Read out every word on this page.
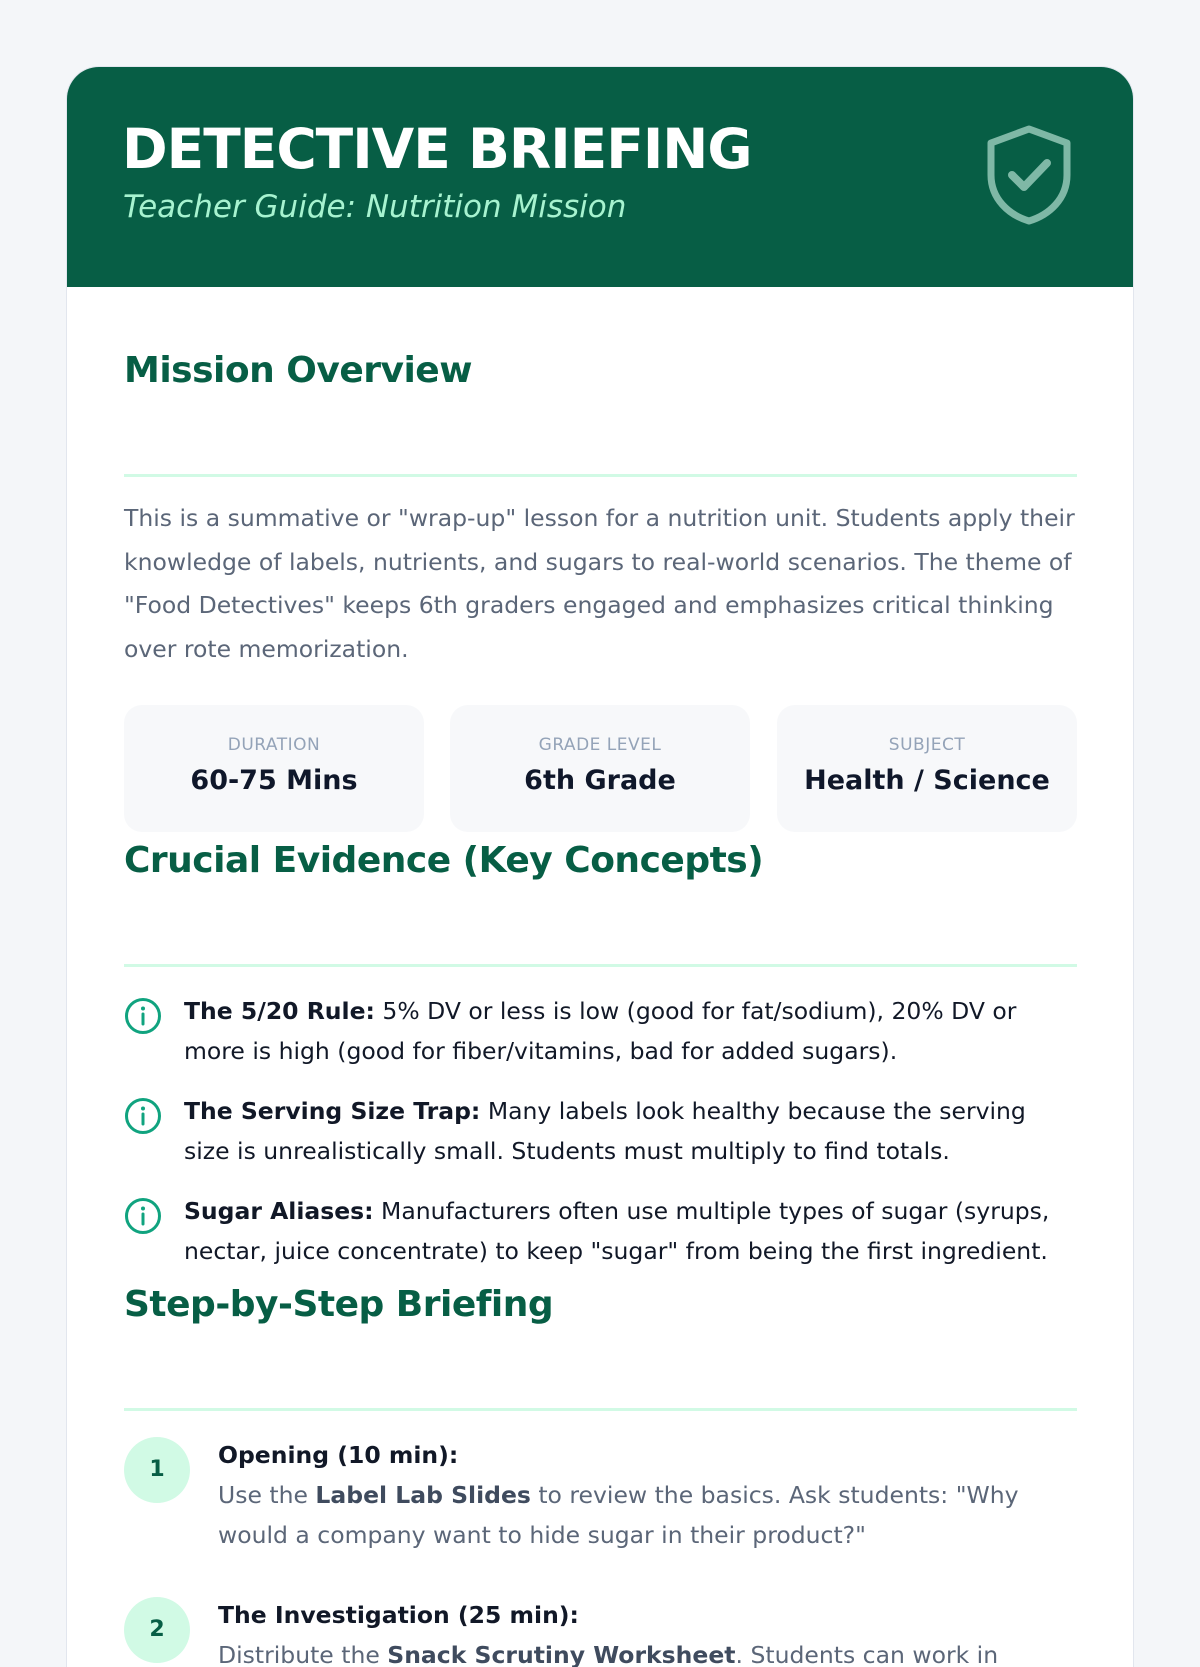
DETECTIVE BRIEFING

Teacher Guide: Nutrition Mission

Mission Overview

This is a summative or "wrap-up" lesson for a nutrition unit. Students apply their knowledge of labels, nutrients, and sugars to real-world scenarios. The theme of "Food Detectives" keeps 6th graders engaged and emphasizes critical thinking over rote memorization.

DURATION
60-75 Mins
GRADE LEVEL
6th Grade
SUBJECT
Health / Science
Crucial Evidence (Key Concepts)
The 5/20 Rule: 5% DV or less is low (good for fat/sodium), 20% DV or more is high (good for fiber/vitamins, bad for added sugars).
The Serving Size Trap: Many labels look healthy because the serving size is unrealistically small. Students must multiply to find totals.
Sugar Aliases: Manufacturers often use multiple types of sugar (syrups, nectar, juice concentrate) to keep "sugar" from being the first ingredient.
Step-by-Step Briefing
1
Opening (10 min):
Use the Label Lab Slides to review the basics. Ask students: "Why would a company want to hide sugar in their product?"
2
The Investigation (25 min):
Distribute the Snack Scrutiny Worksheet. Students can work in
